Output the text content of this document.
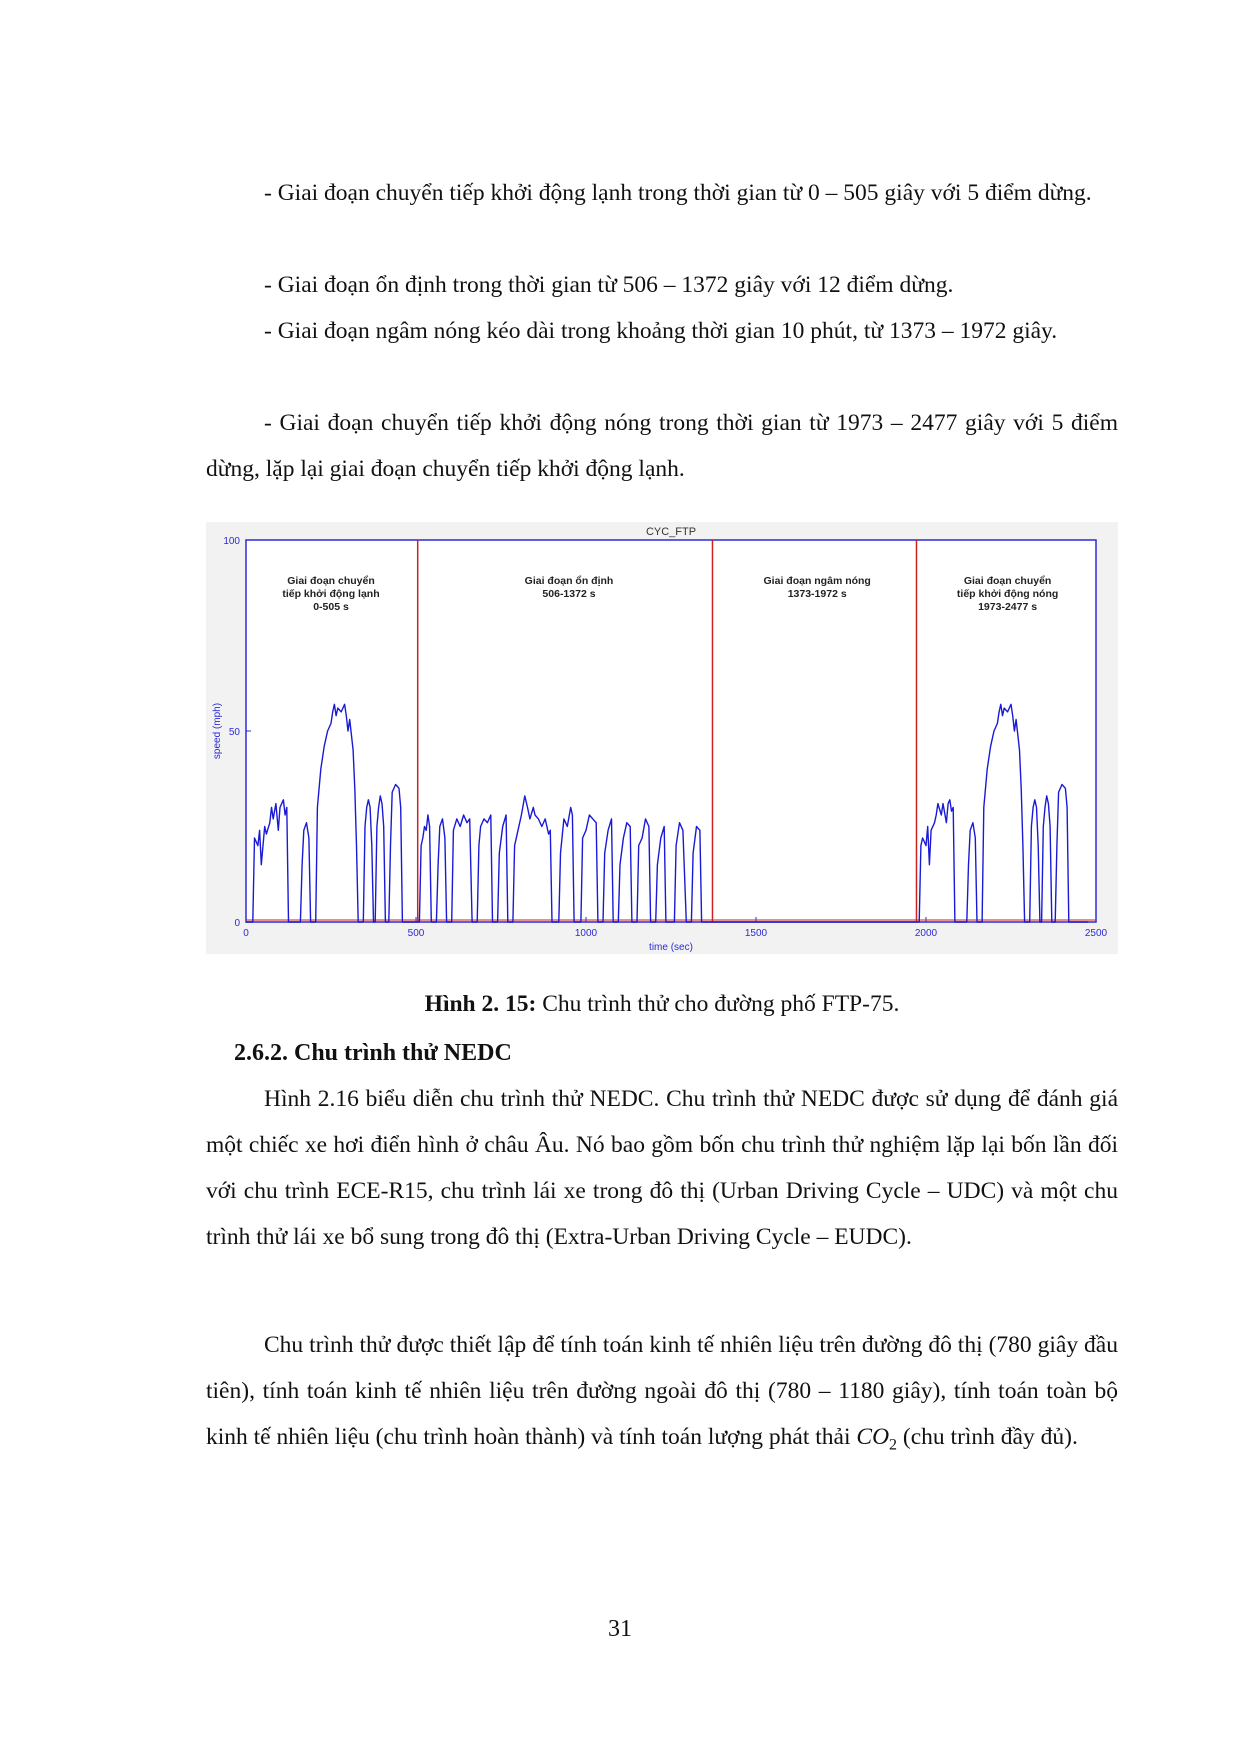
- Giai đoạn chuyển tiếp khởi động lạnh trong thời gian từ 0 – 505 giây với 5 điểm dừng.

- Giai đoạn ổn định trong thời gian từ 506 – 1372 giây với 12 điểm dừng.

- Giai đoạn ngâm nóng kéo dài trong khoảng thời gian 10 phút, từ 1373 – 1972 giây.

- Giai đoạn chuyển tiếp khởi động nóng trong thời gian từ 1973 – 2477 giây với 5 điểm dừng, lặp lại giai đoạn chuyển tiếp khởi động lạnh.

CYC_FTP
0	500	1000	1500	2000	2500
0
50
100
time (sec)
speed (mph)
Giai đoạn chuyển
tiếp khởi động lạnh
0-505 s
Giai đoạn ổn định
506-1372 s
Giai đoạn ngâm nóng
1373-1972 s
Giai đoạn chuyển
tiếp khởi động nóng
1973-2477 s

Hình 2. 15: Chu trình thử cho đường phố FTP-75.

2.6.2. Chu trình thử NEDC

Hình 2.16 biểu diễn chu trình thử NEDC. Chu trình thử NEDC được sử dụng để đánh giá một chiếc xe hơi điển hình ở châu Âu. Nó bao gồm bốn chu trình thử nghiệm lặp lại bốn lần đối với chu trình ECE-R15, chu trình lái xe trong đô thị (Urban Driving Cycle – UDC) và một chu trình thử lái xe bổ sung trong đô thị (Extra-Urban Driving Cycle – EUDC).

Chu trình thử được thiết lập để tính toán kinh tế nhiên liệu trên đường đô thị (780 giây đầu tiên), tính toán kinh tế nhiên liệu trên đường ngoài đô thị (780 – 1180 giây), tính toán toàn bộ kinh tế nhiên liệu (chu trình hoàn thành) và tính toán lượng phát thải $CO_2$ (chu trình đầy đủ).

31
